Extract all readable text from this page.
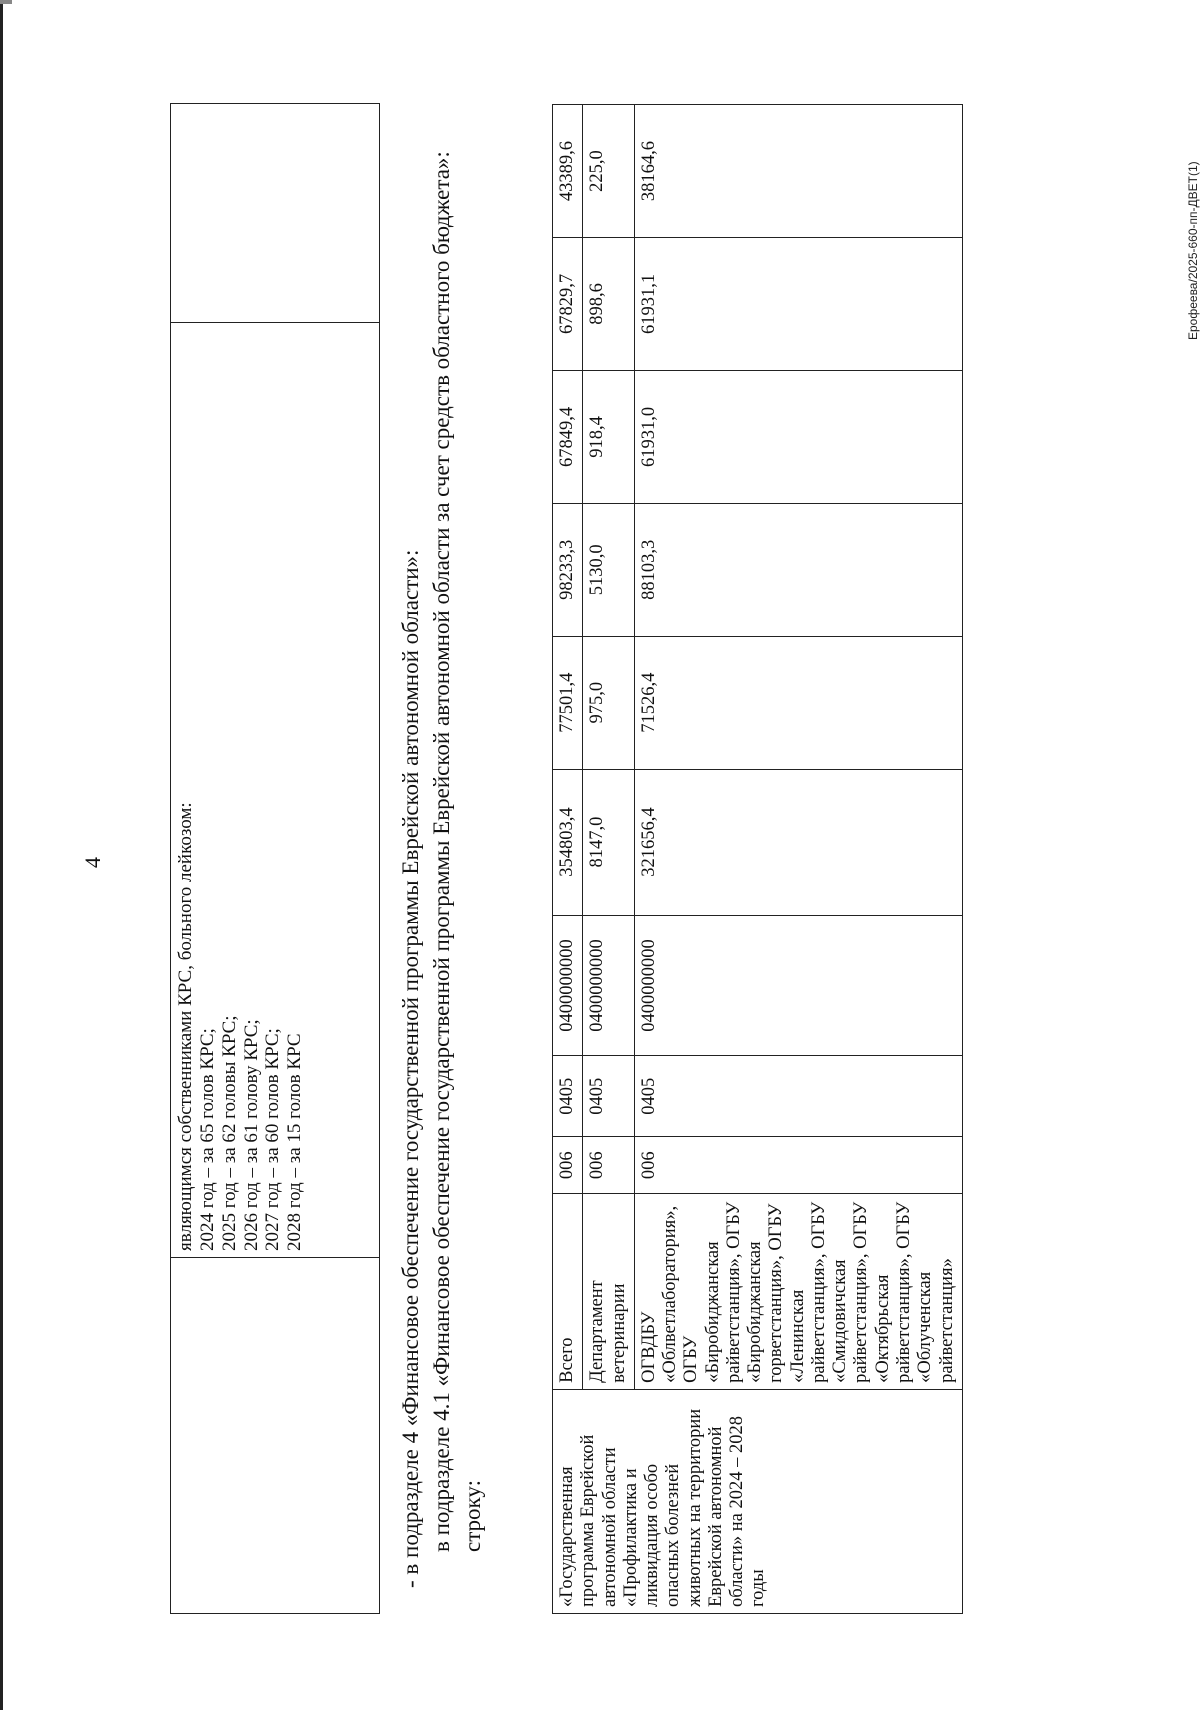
4
		являющимся собственниками КРС, больного лейкозом: 2024 год – за 65 голов КРС; 2025 год – за 62 головы КРС; 2026 год – за 61 голову КРС; 2027 год – за 60 голов КРС; 2028 год – за 15 голов КРС
		- в подразделе 4 «Финансовое обеспечение государственной программы Еврейской автономной области»: в подразделе 4.1 «Финансовое обеспечение государственной программы Еврейской автономной области за счет средств областного бюджета»: строку:	«Государственная программа Еврейской автономной области «Профилактика и ликвидация особо опасных болезней животных на территории Еврейской автономной области» на 2024 – 2028 годы	Всего	006	0405	0400000000	354803,4	77501,4	98233,3	67849,4	67829,7	43389,6
	Департамент ветеринарии	006	0405	0400000000	8147,0	975,0	5130,0	918,4	898,6	225,0
	ОГВДБУ «Облветлаборатория», ОГБУ «Биробиджанская райветстанция», ОГБУ «Биробиджанская горветстанция», ОГБУ «Ленинская райветстанция», ОГБУ «Смидовичская райветстанция», ОГБУ «Октябрьская райветстанция», ОГБУ «Облученская райветстанция»	006	0405	0400000000	321656,4	71526,4	88103,3	61931,0	61931,1	38164,6	Ерофеева/2025-660-пп-ДВЕТ(1)
